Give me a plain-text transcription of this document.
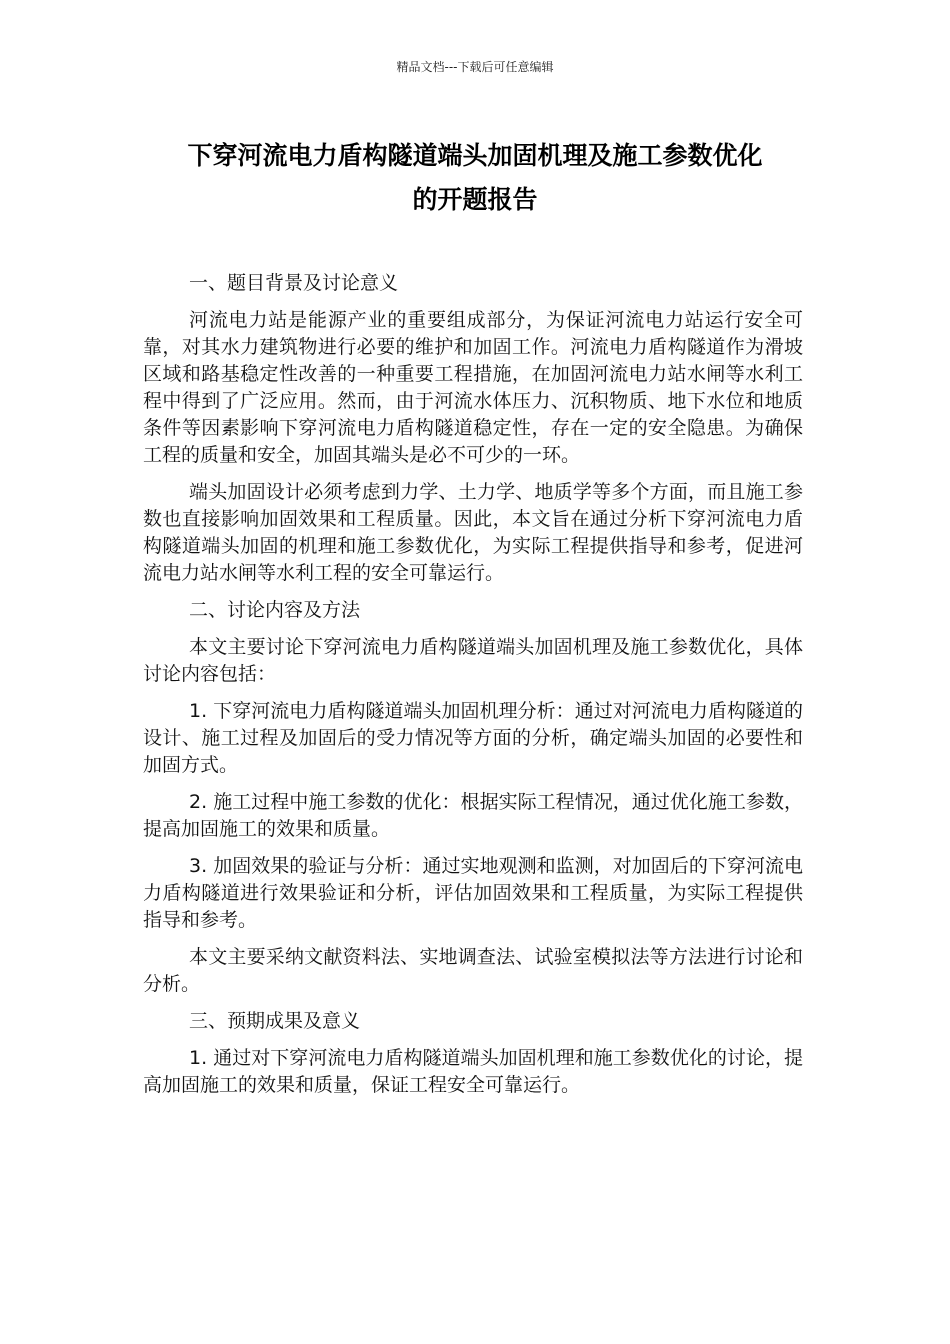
精品文档---下载后可任意编辑
下穿河流电力盾构隧道端头加固机理及施工参数优化
的开题报告

一、题目背景及讨论意义

河流电力站是能源产业的重要组成部分，为保证河流电力站运行安全可靠，对其水力建筑物进行必要的维护和加固工作。河流电力盾构隧道作为滑坡区域和路基稳定性改善的一种重要工程措施，在加固河流电力站水闸等水利工程中得到了广泛应用。然而，由于河流水体压力、沉积物质、地下水位和地质条件等因素影响下穿河流电力盾构隧道稳定性，存在一定的安全隐患。为确保工程的质量和安全，加固其端头是必不可少的一环。

端头加固设计必须考虑到力学、土力学、地质学等多个方面，而且施工参数也直接影响加固效果和工程质量。因此，本文旨在通过分析下穿河流电力盾构隧道端头加固的机理和施工参数优化，为实际工程提供指导和参考，促进河流电力站水闸等水利工程的安全可靠运行。

二、讨论内容及方法

本文主要讨论下穿河流电力盾构隧道端头加固机理及施工参数优化，具体讨论内容包括：

1. 下穿河流电力盾构隧道端头加固机理分析：通过对河流电力盾构隧道的设计、施工过程及加固后的受力情况等方面的分析，确定端头加固的必要性和加固方式。

2. 施工过程中施工参数的优化：根据实际工程情况，通过优化施工参数，提高加固施工的效果和质量。

3. 加固效果的验证与分析：通过实地观测和监测，对加固后的下穿河流电力盾构隧道进行效果验证和分析，评估加固效果和工程质量，为实际工程提供指导和参考。

本文主要采纳文献资料法、实地调查法、试验室模拟法等方法进行讨论和分析。

三、预期成果及意义

1. 通过对下穿河流电力盾构隧道端头加固机理和施工参数优化的讨论，提高加固施工的效果和质量，保证工程安全可靠运行。
